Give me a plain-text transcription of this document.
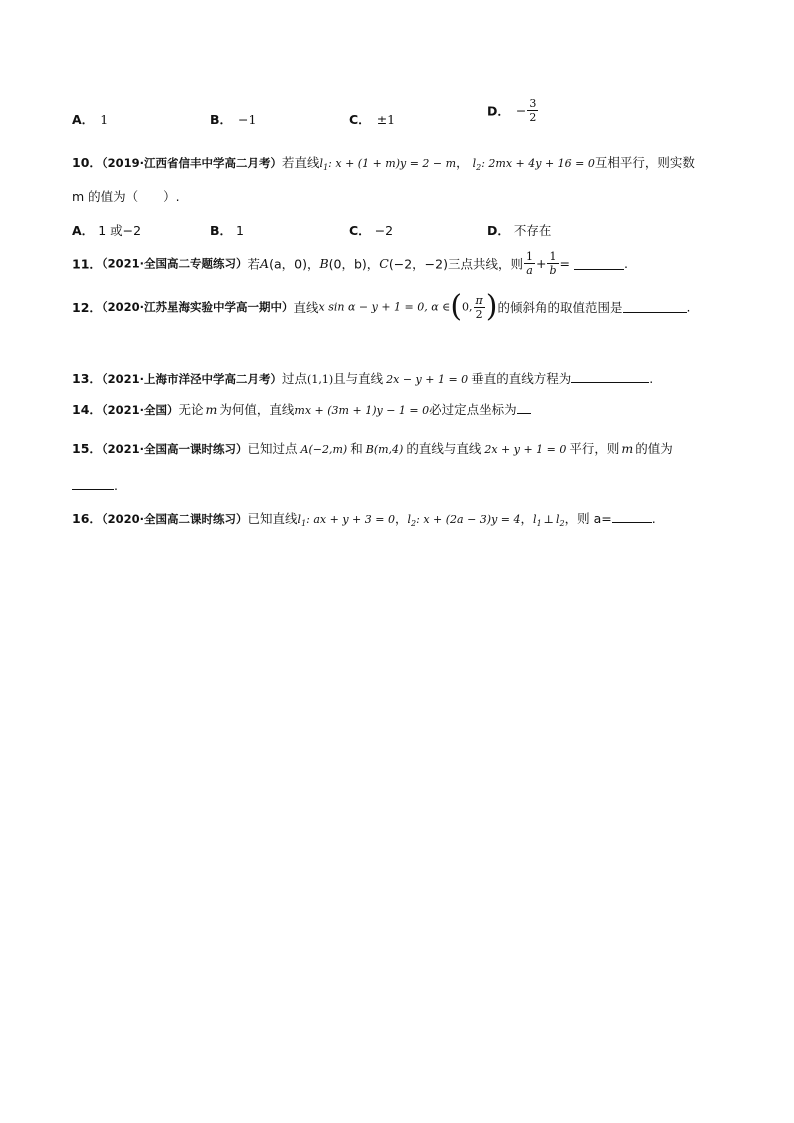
A． 1	B． −1	C． ±1
D． − $\frac{3}{2}$
10．（2019·江西省信丰中学高二月考）若直线$l_1$: x + (1 + m)y = 2 − m， $l_2$: 2mx + 4y + 16 = 0互相平行，则实数
m 的值为（　　）.
A． 1 或−2	B． 1	C． −2	D． 不存在
11．（2021·全国高二专题练习）若A(a，0)，B(0，b)，C(−2，−2)三点共线，则 $\frac{1}{a} + \frac{1}{b}$ =	.
12．（2020·江苏星海实验中学高一期中）直线x sin α − y + 1 = 0, α ∈(0, $\frac{\pi}{2}$ )的倾斜角的取值范围是	.
13．（2021·上海市洋泾中学高二月考）过点(1,1)且与直线 2x − y + 1 = 0 垂直的直线方程为	.
14．（2021·全国）无论 m 为何值，直线mx + (3m + 1)y − 1 = 0必过定点坐标为
15．（2021·全国高一课时练习）已知过点 A(−2,m) 和 B(m,4) 的直线与直线 2x + y + 1 = 0 平行，则 m 的值为
.
16．（2020·全国高二课时练习）已知直线$l_1$: ax + y + 3 = 0，$l_2$: x + (2a − 3)y = 4，$l_1$ ⊥ $l_2$，则 a=	.
